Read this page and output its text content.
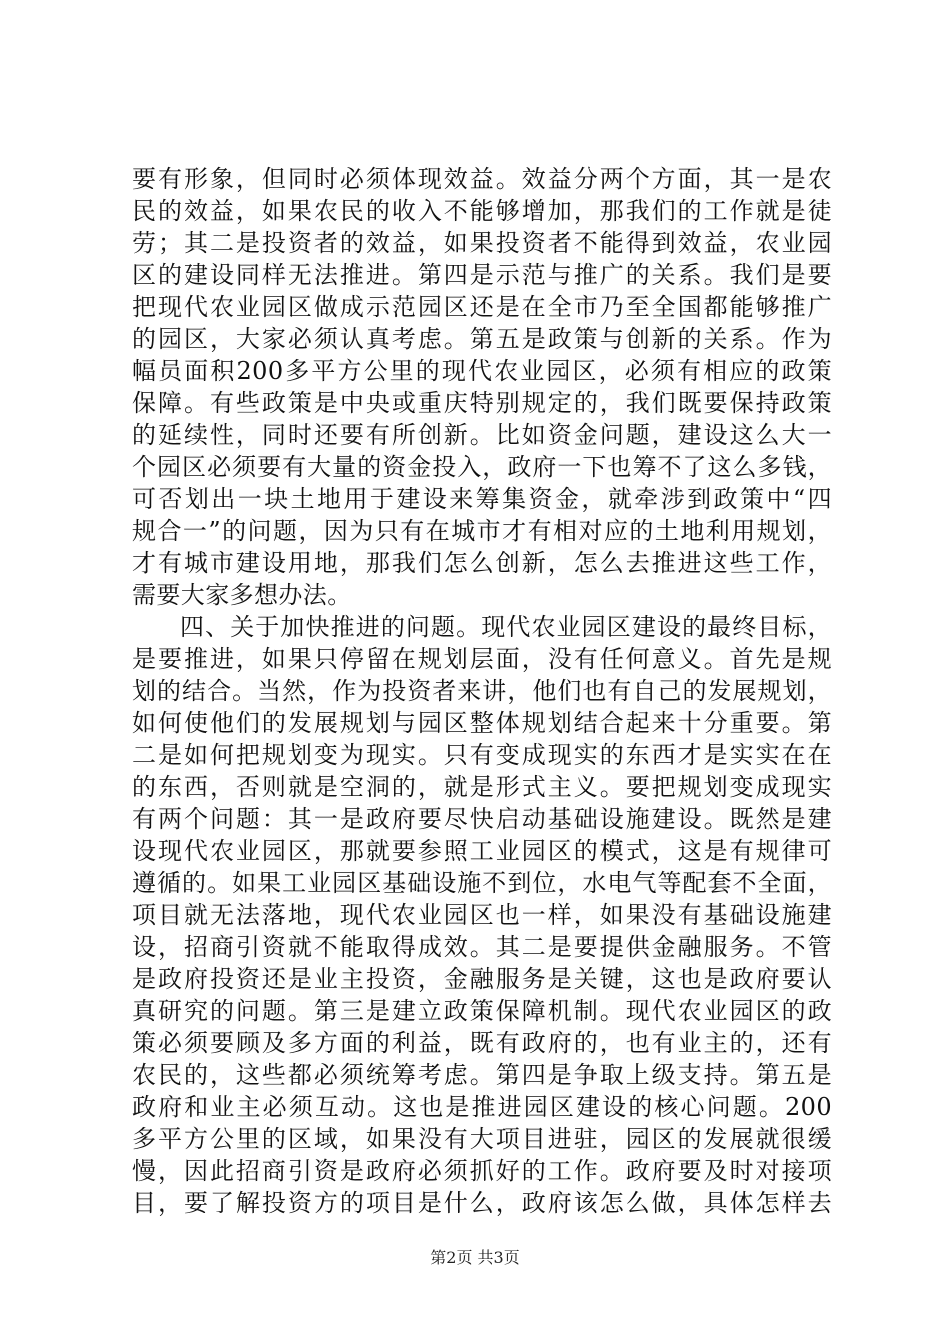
要有形象，但同时必须体现效益。效益分两个方面，其一是农
民的效益，如果农民的收入不能够增加，那我们的工作就是徒
劳；其二是投资者的效益，如果投资者不能得到效益，农业园
区的建设同样无法推进。第四是示范与推广的关系。我们是要
把现代农业园区做成示范园区还是在全市乃至全国都能够推广
的园区，大家必须认真考虑。第五是政策与创新的关系。作为
幅员面积200多平方公里的现代农业园区，必须有相应的政策
保障。有些政策是中央或重庆特别规定的，我们既要保持政策
的延续性，同时还要有所创新。比如资金问题，建设这么大一
个园区必须要有大量的资金投入，政府一下也筹不了这么多钱，
可否划出一块土地用于建设来筹集资金，就牵涉到政策中“四
规合一”的问题，因为只有在城市才有相对应的土地利用规划，
才有城市建设用地，那我们怎么创新，怎么去推进这些工作，
需要大家多想办法。
四、关于加快推进的问题。现代农业园区建设的最终目标，
是要推进，如果只停留在规划层面，没有任何意义。首先是规
划的结合。当然，作为投资者来讲，他们也有自己的发展规划，
如何使他们的发展规划与园区整体规划结合起来十分重要。第
二是如何把规划变为现实。只有变成现实的东西才是实实在在
的东西，否则就是空洞的，就是形式主义。要把规划变成现实
有两个问题：其一是政府要尽快启动基础设施建设。既然是建
设现代农业园区，那就要参照工业园区的模式，这是有规律可
遵循的。如果工业园区基础设施不到位，水电气等配套不全面，
项目就无法落地，现代农业园区也一样，如果没有基础设施建
设，招商引资就不能取得成效。其二是要提供金融服务。不管
是政府投资还是业主投资，金融服务是关键，这也是政府要认
真研究的问题。第三是建立政策保障机制。现代农业园区的政
策必须要顾及多方面的利益，既有政府的，也有业主的，还有
农民的，这些都必须统筹考虑。第四是争取上级支持。第五是
政府和业主必须互动。这也是推进园区建设的核心问题。200
多平方公里的区域，如果没有大项目进驻，园区的发展就很缓
慢，因此招商引资是政府必须抓好的工作。政府要及时对接项
目，要了解投资方的项目是什么，政府该怎么做，具体怎样去
第2页 共3页
